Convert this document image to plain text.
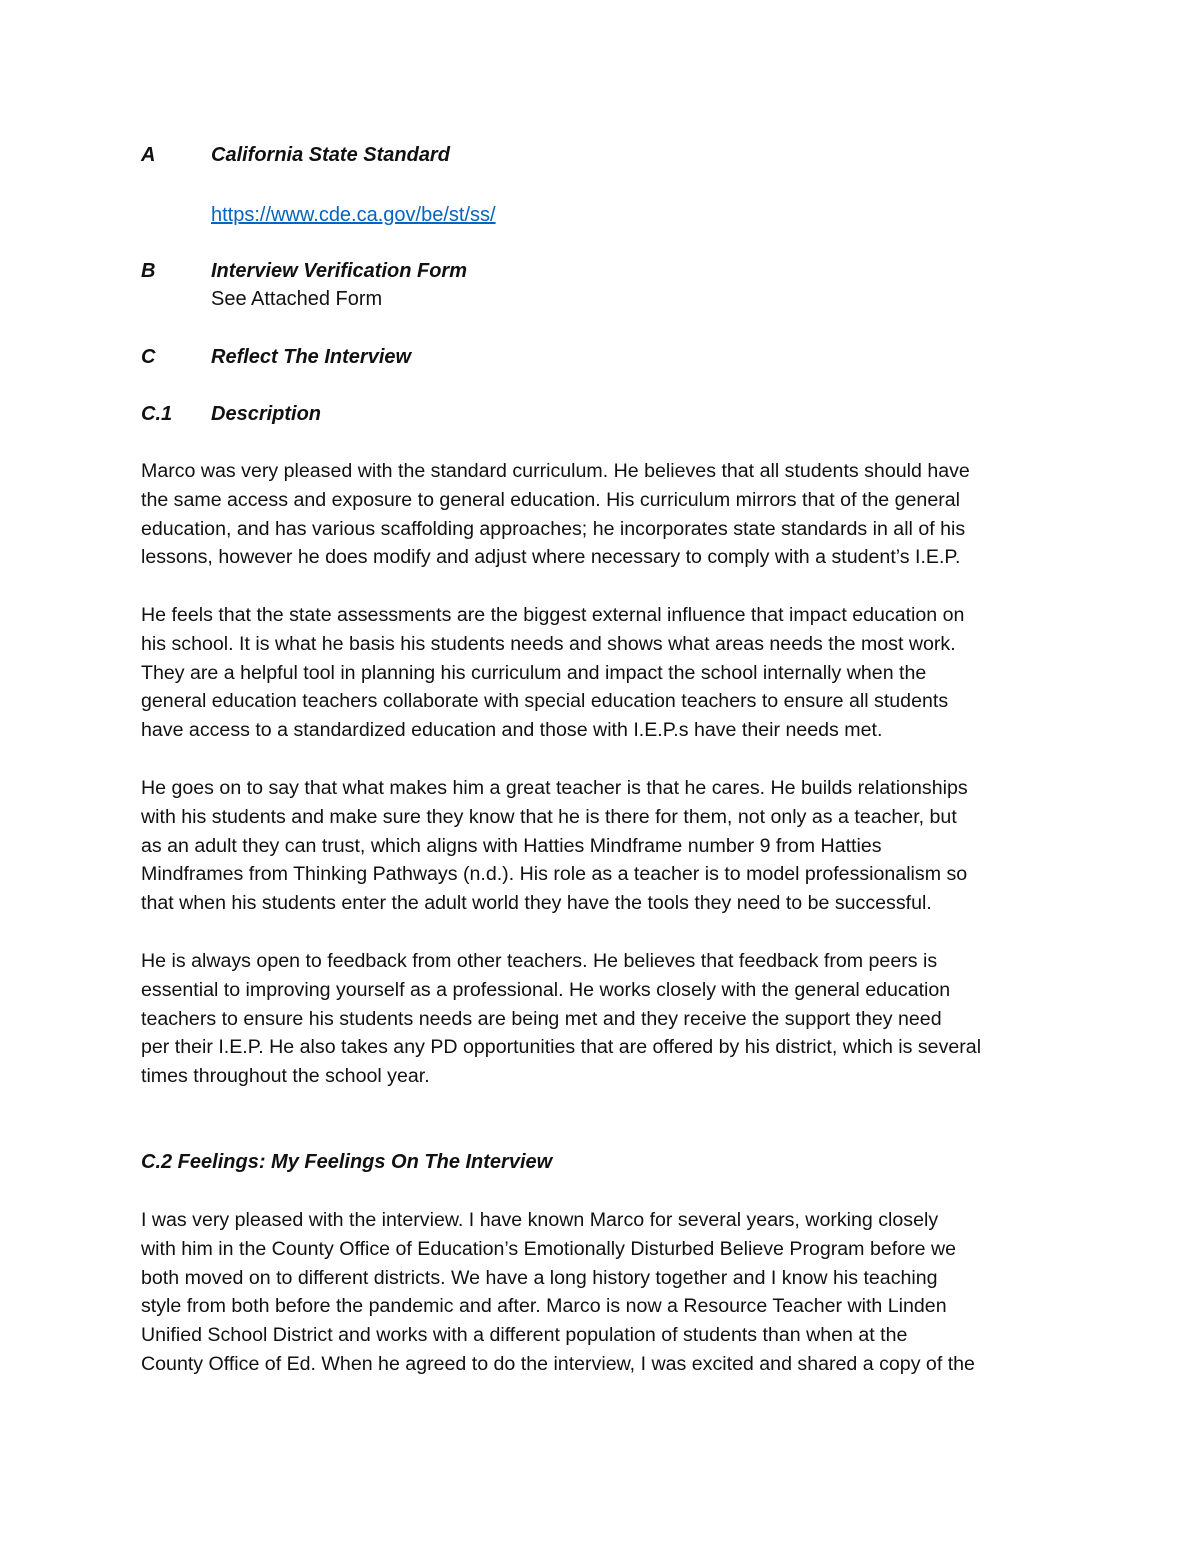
A	California State Standard
https://www.cde.ca.gov/be/st/ss/
B	Interview Verification Form
See Attached Form
C	Reflect The Interview
C.1 Description
Marco was very pleased with the standard curriculum. He believes that all students should have
the same access and exposure to general education. His curriculum mirrors that of the general
education, and has various scaffolding approaches; he incorporates state standards in all of his
lessons, however he does modify and adjust where necessary to comply with a student’s I.E.P.
He feels that the state assessments are the biggest external influence that impact education on
his school. It is what he basis his students needs and shows what areas needs the most work.
They are a helpful tool in planning his curriculum and impact the school internally when the
general education teachers collaborate with special education teachers to ensure all students
have access to a standardized education and those with I.E.P.s have their needs met.
He goes on to say that what makes him a great teacher is that he cares. He builds relationships
with his students and make sure they know that he is there for them, not only as a teacher, but
as an adult they can trust, which aligns with Hatties Mindframe number 9 from Hatties
Mindframes from Thinking Pathways (n.d.). His role as a teacher is to model professionalism so
that when his students enter the adult world they have the tools they need to be successful.
He is always open to feedback from other teachers. He believes that feedback from peers is
essential to improving yourself as a professional. He works closely with the general education
teachers to ensure his students needs are being met and they receive the support they need
per their I.E.P. He also takes any PD opportunities that are offered by his district, which is several
times throughout the school year.
C.2 Feelings: My Feelings On The Interview
I was very pleased with the interview. I have known Marco for several years, working closely
with him in the County Office of Education’s Emotionally Disturbed Believe Program before we
both moved on to different districts. We have a long history together and I know his teaching
style from both before the pandemic and after. Marco is now a Resource Teacher with Linden
Unified School District and works with a different population of students than when at the
County Office of Ed. When he agreed to do the interview, I was excited and shared a copy of the
